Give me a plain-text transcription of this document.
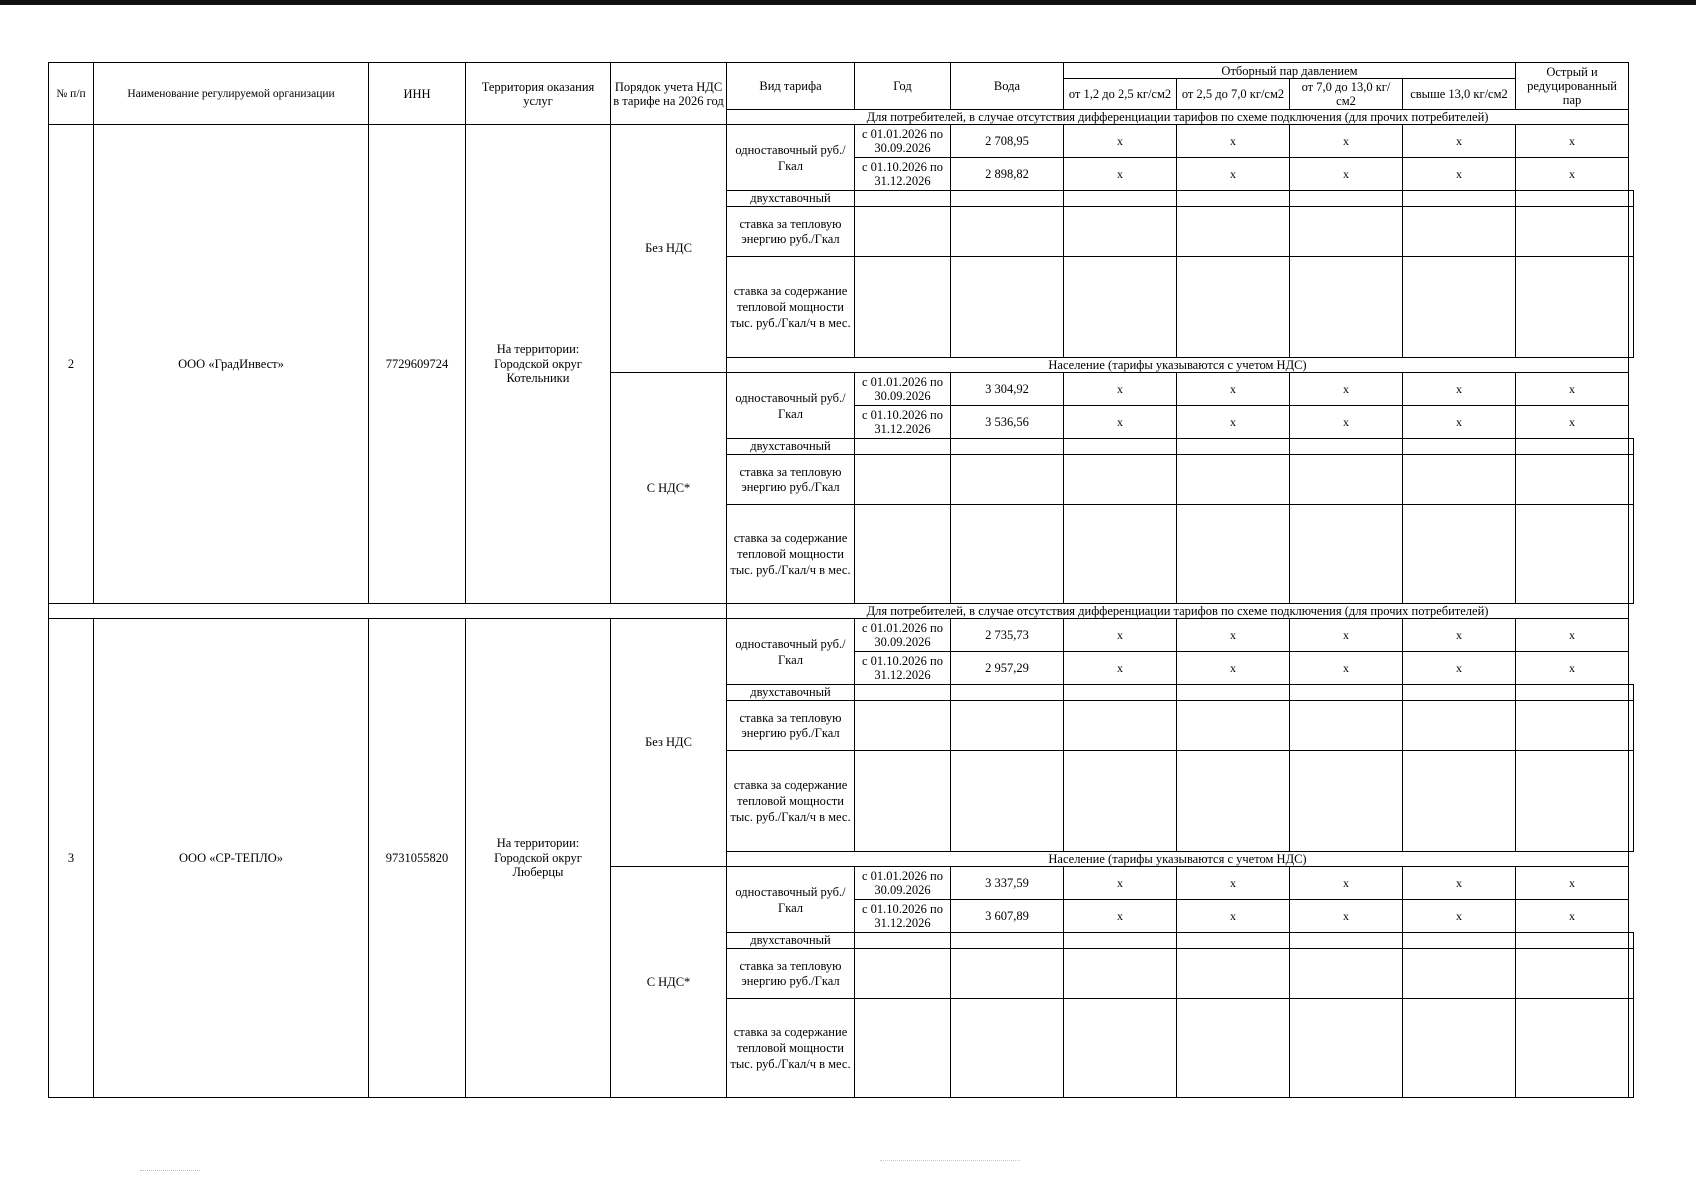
№ п/п	Наименование регулируемой организации	ИНН	Территория оказания услуг	Порядок учета НДС в тарифе на 2026 год	Вид тарифа	Год	Вода	Отборный пар давлением				Острый и редуцированный пар	
								от 1,2 до 2,5 кг/см2	от 2,5 до 7,0 кг/см2	от 7,0 до 13,0 кг/см2	свыше 13,0 кг/см2		
					Для потребителей, в случае отсутствия дифференциации тарифов по схеме подключения (для прочих потребителей)								
2	ООО «ГрадИнвест»	7729609724	На территории: Городской округ Котельники	Без НДС	одноставочный руб./Гкал	с 01.01.2026 по 30.09.2026	2 708,95	x	x	x	x	x	
						с 01.10.2026 по 31.12.2026	2 898,82	x	x	x	x	x	
					двухставочный								
					ставка за тепловую энергию руб./Гкал								
					ставка за содержание тепловой мощности тыс. руб./Гкал/ч в мес.								
					Население (тарифы указываются с учетом НДС)								
				С НДС*	одноставочный руб./Гкал	с 01.01.2026 по 30.09.2026	3 304,92	x	x	x	x	x	
						с 01.10.2026 по 31.12.2026	3 536,56	x	x	x	x	x	
					двухставочный								
					ставка за тепловую энергию руб./Гкал								
					ставка за содержание тепловой мощности тыс. руб./Гкал/ч в мес.								
					Для потребителей, в случае отсутствия дифференциации тарифов по схеме подключения (для прочих потребителей)								
3	ООО «СР-ТЕПЛО»	9731055820	На территории: Городской округ Люберцы	Без НДС	одноставочный руб./Гкал	с 01.01.2026 по 30.09.2026	2 735,73	x	x	x	x	x	
						с 01.10.2026 по 31.12.2026	2 957,29	x	x	x	x	x	
					двухставочный								
					ставка за тепловую энергию руб./Гкал								
					ставка за содержание тепловой мощности тыс. руб./Гкал/ч в мес.								
					Население (тарифы указываются с учетом НДС)								
				С НДС*	одноставочный руб./Гкал	с 01.01.2026 по 30.09.2026	3 337,59	x	x	x	x	x	
						с 01.10.2026 по 31.12.2026	3 607,89	x	x	x	x	x	
					двухставочный								
					ставка за тепловую энергию руб./Гкал								
					ставка за содержание тепловой мощности тыс. руб./Гкал/ч в мес.								
